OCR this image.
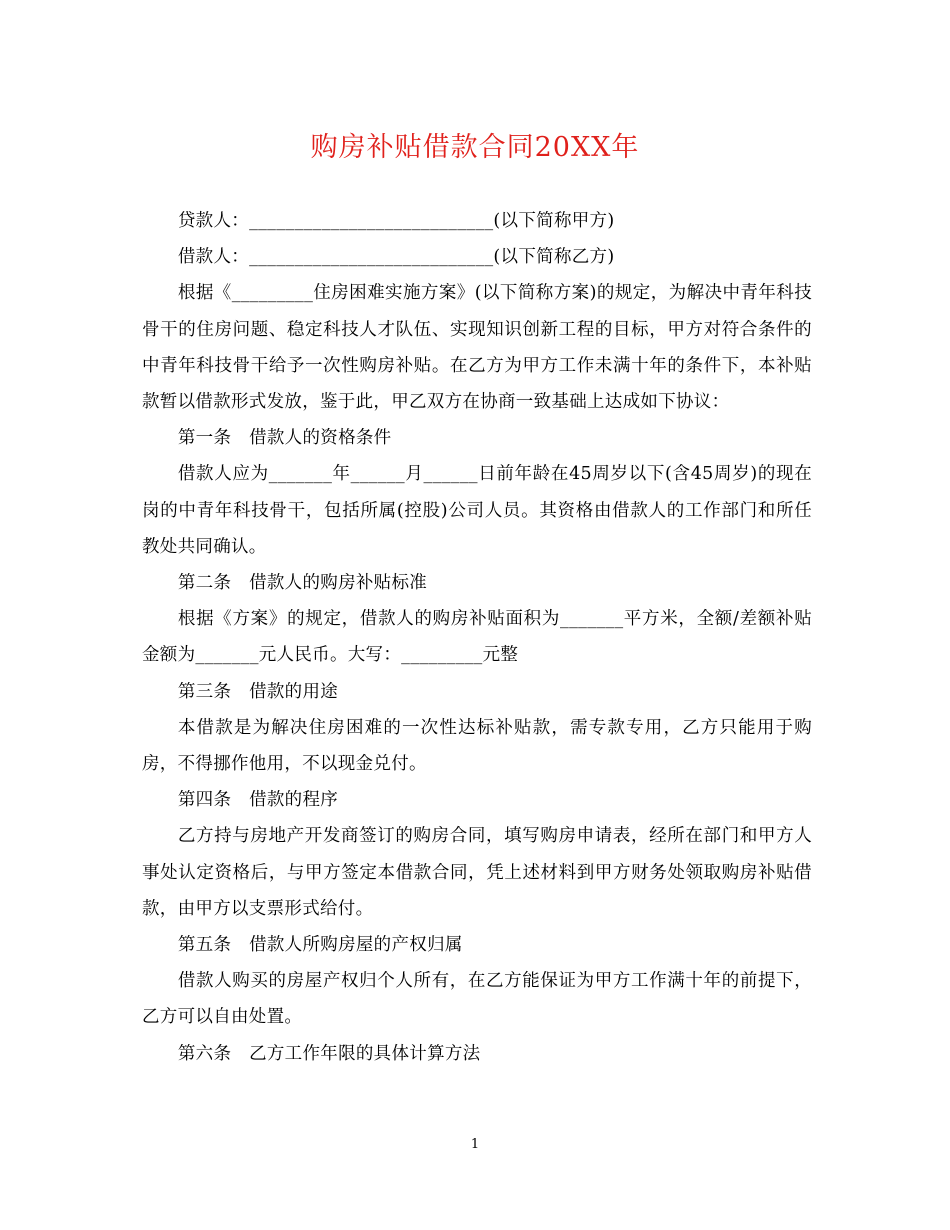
购房补贴借款合同20XX年

贷款人：___________________________(以下简称甲方)

借款人：___________________________(以下简称乙方)

根据《_________住房困难实施方案》(以下简称方案)的规定，为解决中青年科技骨干的住房问题、稳定科技人才队伍、实现知识创新工程的目标，甲方对符合条件的中青年科技骨干给予一次性购房补贴。在乙方为甲方工作未满十年的条件下，本补贴款暂以借款形式发放，鉴于此，甲乙双方在协商一致基础上达成如下协议：

第一条　借款人的资格条件

借款人应为_______年______月______日前年龄在45周岁以下(含45周岁)的现在岗的中青年科技骨干，包括所属(控股)公司人员。其资格由借款人的工作部门和所任教处共同确认。

第二条　借款人的购房补贴标准

根据《方案》的规定，借款人的购房补贴面积为_______平方米，全额/差额补贴金额为_______元人民币。大写：_________元整

第三条　借款的用途

本借款是为解决住房困难的一次性达标补贴款，需专款专用，乙方只能用于购房，不得挪作他用，不以现金兑付。

第四条　借款的程序

乙方持与房地产开发商签订的购房合同，填写购房申请表，经所在部门和甲方人事处认定资格后，与甲方签定本借款合同，凭上述材料到甲方财务处领取购房补贴借款，由甲方以支票形式给付。

第五条　借款人所购房屋的产权归属

借款人购买的房屋产权归个人所有，在乙方能保证为甲方工作满十年的前提下，乙方可以自由处置。

第六条　乙方工作年限的具体计算方法

1
